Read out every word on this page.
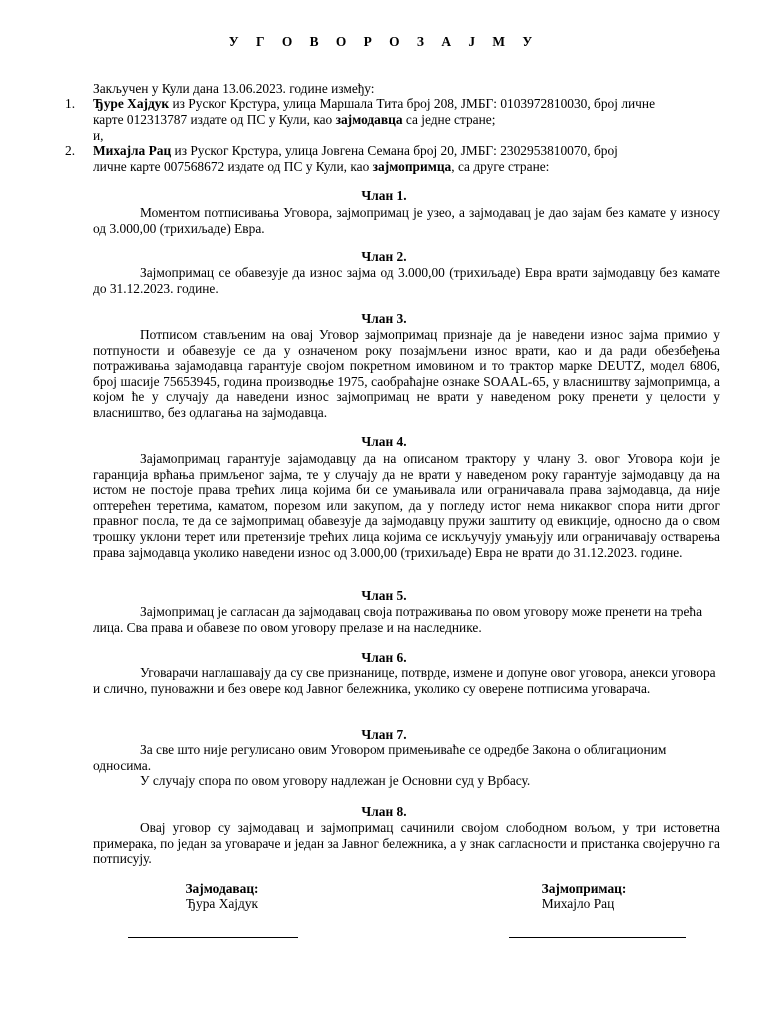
У Г О В О Р О З А Ј М У
Закључен у Кули дана 13.06.2023. године између:
1. Ђуре Хајдук из Руског Крстура, улица Маршала Тита број 208, ЈМБГ: 0103972810030, број личне
карте 012313787 издате од ПС у Кули, као зајмодавца са једне стране;
и,
2. Михајла Рац из Руског Крстура, улица Јовгена Семана број 20, ЈМБГ: 2302953810070, број
личне карте 007568672 издате од ПС у Кули, као зајмопримца, са друге стране:
Члан 1.
Моментом потписивања Уговора, зајмопримац је узео, а зајмодавац је дао зајам без камате у износу од 3.000,00 (трихиљаде) Евра.
Члан 2.
Зајмопримац се обавезује да износ зајма од 3.000,00 (трихиљаде) Евра врати зајмодавцу без камате до 31.12.2023. године.
Члан 3.
Потписом стављеним на овај Уговор зајмопримац признаје да је наведени износ зајма примио у потпуности и обавезује се да у означеном року позајмљени износ врати, као и да ради обезбеђења потраживања зајамодавца гарантује својом покретном имовином и то трактор марке DEUTZ, модел 6806, број шасије 75653945, година производње 1975, саобраћајне ознаке SOAAL-65, у власништву зајмопримца, а којом ће у случају да наведени износ зајмопримац не врати у наведеном року пренети у целости у власништво, без одлагања на зајмодавца.
Члан 4.
Зајамопримац гарантује зајамодавцу да на описаном трактору у члану 3. овог Уговора који је гаранција врћања примљеног зајма, те у случају да не врати у наведеном року гарантује зајмодавцу да на истом не постоје права трећих лица којима би се умањивала или ограничавала права зајмодавца, да није оптерећен теретима, каматом, порезом или закупом, да у погледу истог нема никаквог спора нити дргог правног посла, те да се зајмопримац обавезује да зајмодавцу пружи заштиту од евикције, односно да о свом трошку уклони терет или претензије трећих лица којима се искључују умањују или ограничавају остварења права зајмодавца уколико наведени износ од 3.000,00 (трихиљаде) Евра не врати до 31.12.2023. године.
Члан 5.
Зајмопримац је сагласан да зајмодавац своја потраживања по овом уговору може пренети на трећа лица. Сва права и обавезе по овом уговору прелазе и на наследнике.
Члан 6.
Уговарачи наглашавају да су све признанице, потврде, измене и допуне овог уговора, анекси уговора и слично, пуноважни и без овере код Јавног бележника, уколико су оверене потписима уговарача.
Члан 7.
За све што није регулисано овим Уговором примењиваће се одредбе Закона о облигационим односима.
У случају спора по овом уговору надлежан је Основни суд у Врбасу.
Члан 8.
Овај уговор су зајмодавац и зајмопримац сачинили својом слободном вољом, у три истоветна примерака, по један за уговараче и један за Јавног бележника, а у знак сагласности и пристанка својеручно га потписују.
Зајмодавац:
Ђура Хајдук
Зајмопримац:
Михајло Рац
